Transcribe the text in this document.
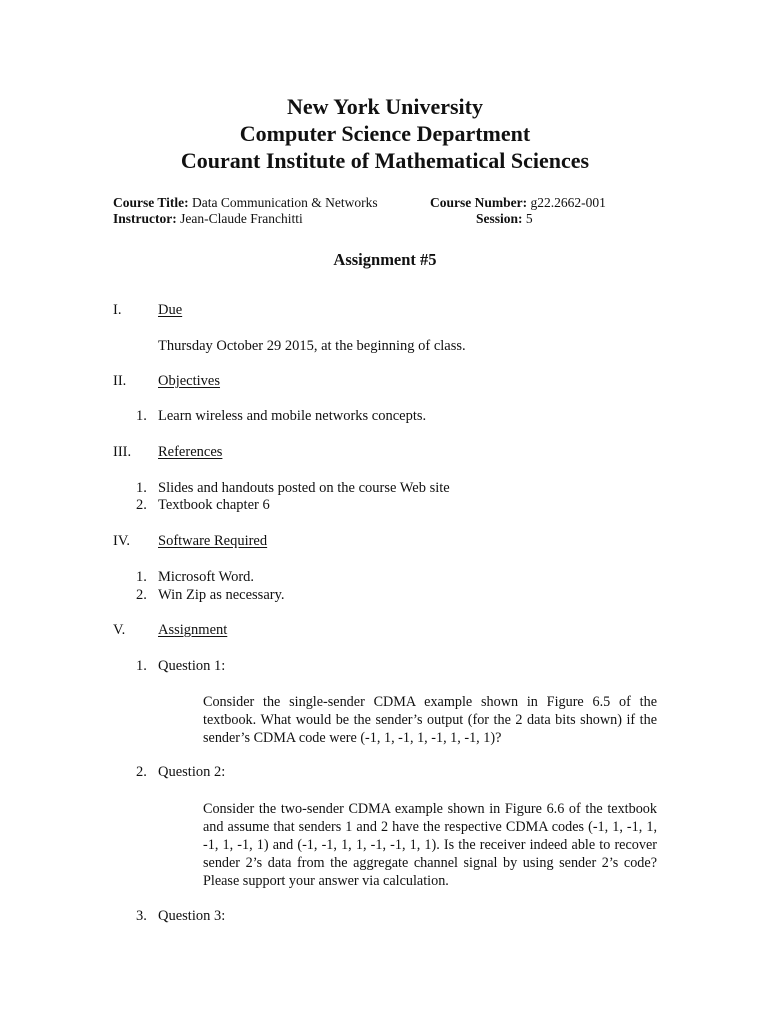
New York University
Computer Science Department
Courant Institute of Mathematical Sciences
Course Title: Data Communication & Networks
Instructor: Jean-Claude Franchitti
Course Number: g22.2662-001
Session: 5
Assignment #5
I.	Due
Thursday October 29 2015, at the beginning of class.
II. Objectives
1. Learn wireless and mobile networks concepts.
III. References
1. Slides and handouts posted on the course Web site
2. Textbook chapter 6
IV. Software Required
1. Microsoft Word.
2. Win Zip as necessary.
V. Assignment
1. Question 1:
Consider the single-sender CDMA example shown in Figure 6.5 of the textbook. What would be the sender’s output (for the 2 data bits shown) if the sender’s CDMA code were (-1, 1, -1, 1, -1, 1, -1, 1)?
2. Question 2:
Consider the two-sender CDMA example shown in Figure 6.6 of the textbook and assume that senders 1 and 2 have the respective CDMA codes (-1, 1, -1, 1, -1, 1, -1, 1) and (-1, -1, 1, 1, -1, -1, 1, 1). Is the receiver indeed able to recover sender 2’s data from the aggregate channel signal by using sender 2’s code? Please support your answer via calculation.
3. Question 3:
